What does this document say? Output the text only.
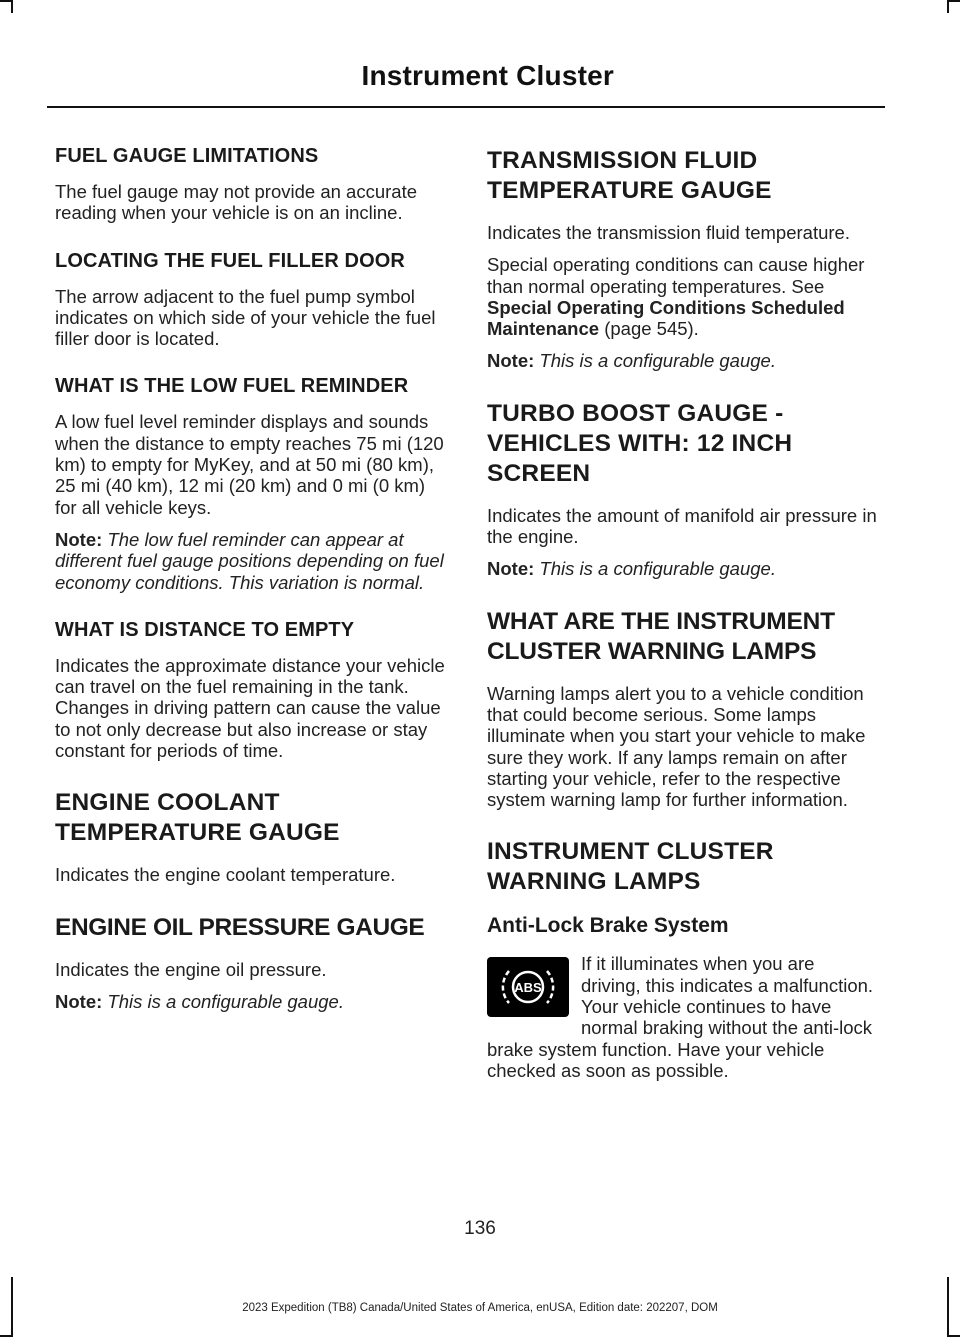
Instrument Cluster
FUEL GAUGE LIMITATIONS

The fuel gauge may not provide an accurate reading when your vehicle is on an incline.

LOCATING THE FUEL FILLER DOOR

The arrow adjacent to the fuel pump symbol indicates on which side of your vehicle the fuel filler door is located.

WHAT IS THE LOW FUEL REMINDER

A low fuel level reminder displays and sounds when the distance to empty reaches 75 mi (120 km) to empty for MyKey, and at 50 mi (80 km), 25 mi (40 km), 12 mi (20 km) and 0 mi (0 km) for all vehicle keys.

Note: The low fuel reminder can appear at different fuel gauge positions depending on fuel economy conditions. This variation is normal.

WHAT IS DISTANCE TO EMPTY

Indicates the approximate distance your vehicle can travel on the fuel remaining in the tank. Changes in driving pattern can cause the value to not only decrease but also increase or stay constant for periods of time.

ENGINE COOLANT
TEMPERATURE GAUGE

Indicates the engine coolant temperature.

ENGINE OIL PRESSURE GAUGE

Indicates the engine oil pressure.

Note: This is a configurable gauge.

TRANSMISSION FLUID
TEMPERATURE GAUGE

Indicates the transmission fluid temperature.

Special operating conditions can cause higher than normal operating temperatures. See Special Operating Conditions Scheduled Maintenance (page 545).

Note: This is a configurable gauge.

TURBO BOOST GAUGE -
VEHICLES WITH: 12 INCH
SCREEN

Indicates the amount of manifold air pressure in the engine.

Note: This is a configurable gauge.

WHAT ARE THE INSTRUMENT
CLUSTER WARNING LAMPS

Warning lamps alert you to a vehicle condition that could become serious. Some lamps illuminate when you start your vehicle to make sure they work. If any lamps remain on after starting your vehicle, refer to the respective system warning lamp for further information.

INSTRUMENT CLUSTER
WARNING LAMPS
Anti-Lock Brake System
ABS

If it illuminates when you are driving, this indicates a malfunction. Your vehicle continues to have normal braking without the anti-lock brake system function. Have your vehicle checked as soon as possible.

136
2023 Expedition (TB8) Canada/United States of America, enUSA, Edition date: 202207, DOM
